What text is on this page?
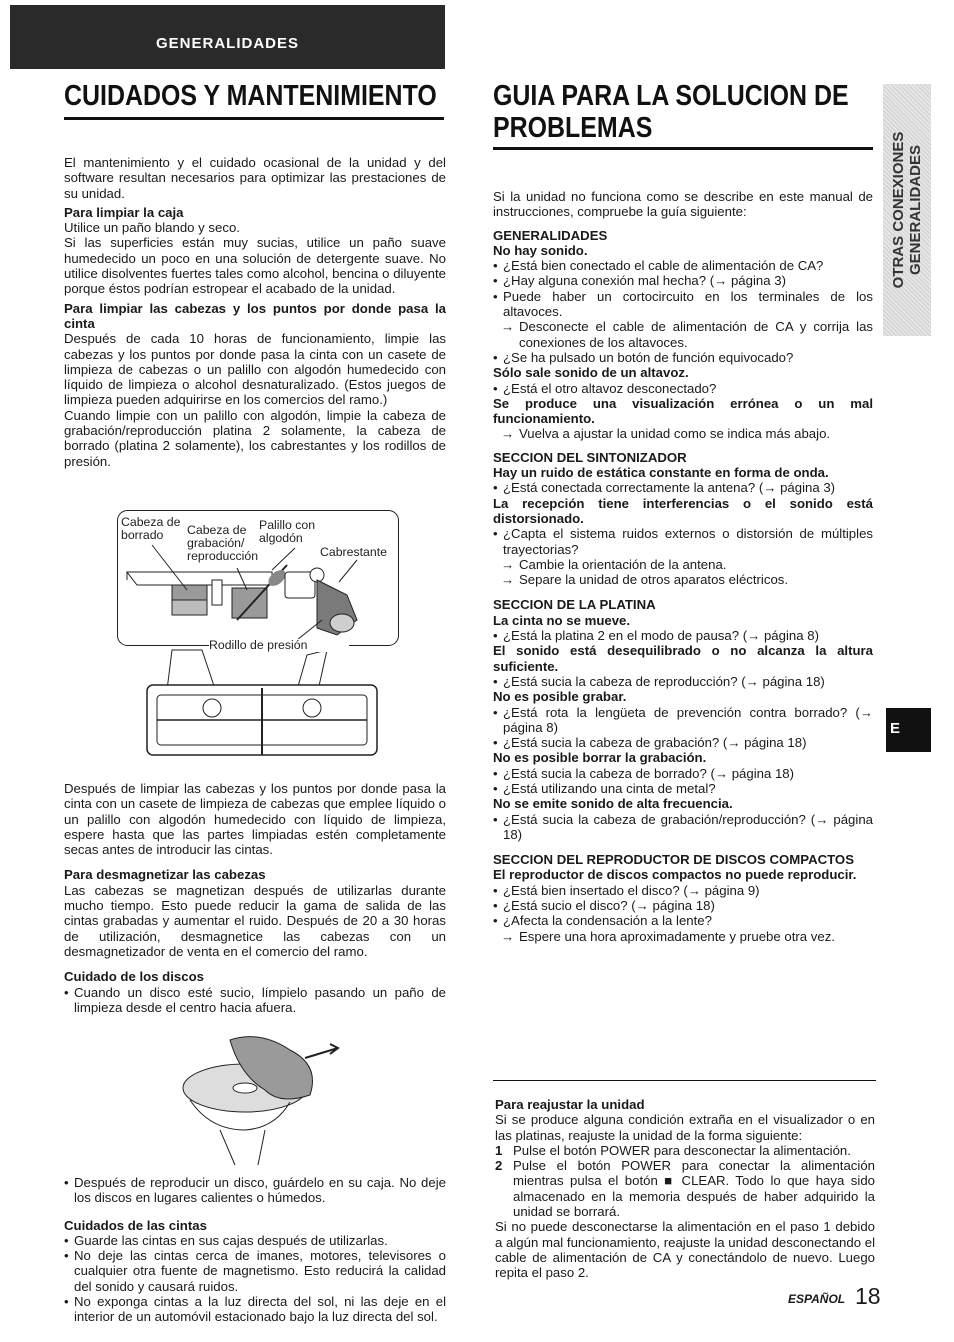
GENERALIDADES
CUIDADOS Y MANTENIMIENTO

El mantenimiento y el cuidado ocasional de la unidad y del software resultan necesarios para optimizar las prestaciones de su unidad.

Para limpiar la caja

Utilice un paño blando y seco.

Si las superficies están muy sucias, utilice un paño suave humedecido un poco en una solución de detergente suave. No utilice disolventes fuertes tales como alcohol, bencina o diluyente porque éstos podrían estropear el acabado de la unidad.

Para limpiar las cabezas y los puntos por donde pasa la cinta

Después de cada 10 horas de funcionamiento, limpie las cabezas y los puntos por donde pasa la cinta con un casete de limpieza de cabezas o un palillo con algodón humedecido con líquido de limpieza o alcohol desnaturalizado. (Estos juegos de limpieza pueden adquirirse en los comercios del ramo.)

Cuando limpie con un palillo con algodón, limpie la cabeza de grabación/reproducción platina 2 solamente, la cabeza de borrado (platina 2 solamente), los cabrestantes y los rodillos de presión.

Cabeza de borrado	Cabeza de grabación/ reproducción
Palillo con algodón
Cabrestante
Rodillo de presión

Después de limpiar las cabezas y los puntos por donde pasa la cinta con un casete de limpieza de cabezas que emplee líquido o un palillo con algodón humedecido con líquido de limpieza, espere hasta que las partes limpiadas estén completamente secas antes de introducir las cintas.

Para desmagnetizar las cabezas

Las cabezas se magnetizan después de utilizarlas durante mucho tiempo. Esto puede reducir la gama de salida de las cintas grabadas y aumentar el ruido. Después de 20 a 30 horas de utilización, desmagnetice las cabezas con un desmagnetizador de venta en el comercio del ramo.

Cuidado de los discos

• Cuando un disco esté sucio, límpielo pasando un paño de limpieza desde el centro hacia afuera.

• Después de reproducir un disco, guárdelo en su caja. No deje los discos en lugares calientes o húmedos.

Cuidados de las cintas

• Guarde las cintas en sus cajas después de utilizarlas.

• No deje las cintas cerca de imanes, motores, televisores o cualquier otra fuente de magnetismo. Esto reducirá la calidad del sonido y causará ruidos.

• No exponga cintas a la luz directa del sol, ni las deje en el interior de un automóvil estacionado bajo la luz directa del sol.

GUIA PARA LA SOLUCION DE
PROBLEMAS

Si la unidad no funciona como se describe en este manual de instrucciones, compruebe la guía siguiente:

GENERALIDADES

No hay sonido.

• ¿Está bien conectado el cable de alimentación de CA?

• ¿Hay alguna conexión mal hecha? (→ página 3)

• Puede haber un cortocircuito en los terminales de los altavoces.

→ Desconecte el cable de alimentación de CA y corrija las conexiones de los altavoces.

• ¿Se ha pulsado un botón de función equivocado?

Sólo sale sonido de un altavoz.

• ¿Está el otro altavoz desconectado?

Se produce una visualización errónea o un mal funcionamiento.

→ Vuelva a ajustar la unidad como se indica más abajo.

SECCION DEL SINTONIZADOR

Hay un ruido de estática constante en forma de onda.

• ¿Está conectada correctamente la antena? (→ página 3)

La recepción tiene interferencias o el sonido está distorsionado.

• ¿Capta el sistema ruidos externos o distorsión de múltiples trayectorias?

→ Cambie la orientación de la antena.

→ Separe la unidad de otros aparatos eléctricos.

SECCION DE LA PLATINA

La cinta no se mueve.

• ¿Está la platina 2 en el modo de pausa? (→ página 8)

El sonido está desequilibrado o no alcanza la altura suficiente.

• ¿Está sucia la cabeza de reproducción? (→ página 18)

No es posible grabar.

• ¿Está rota la lengüeta de prevención contra borrado? (→ página 8)

• ¿Está sucia la cabeza de grabación? (→ página 18)

No es posible borrar la grabación.

• ¿Está sucia la cabeza de borrado? (→ página 18)

• ¿Está utilizando una cinta de metal?

No se emite sonido de alta frecuencia.

• ¿Está sucia la cabeza de grabación/reproducción? (→ página 18)

SECCION DEL REPRODUCTOR DE DISCOS COMPACTOS

El reproductor de discos compactos no puede reproducir.

• ¿Está bien insertado el disco? (→ página 9)

• ¿Está sucio el disco? (→ página 18)

• ¿Afecta la condensación a la lente?

→ Espere una hora aproximadamente y pruebe otra vez.

Para reajustar la unidad

Si se produce alguna condición extraña en el visualizador o en las platinas, reajuste la unidad de la forma siguiente:

1 Pulse el botón POWER para desconectar la alimentación.

2 Pulse el botón POWER para conectar la alimentación mientras pulsa el botón ■ CLEAR. Todo lo que haya sido almacenado en la memoria después de haber adquirido la unidad se borrará.

Si no puede desconectarse la alimentación en el paso 1 debido a algún mal funcionamiento, reajuste la unidad desconectando el cable de alimentación de CA y conectándolo de nuevo. Luego repita el paso 2.

OTRAS CONEXIONES GENERALIDADES
E
ESPAÑOL 18
